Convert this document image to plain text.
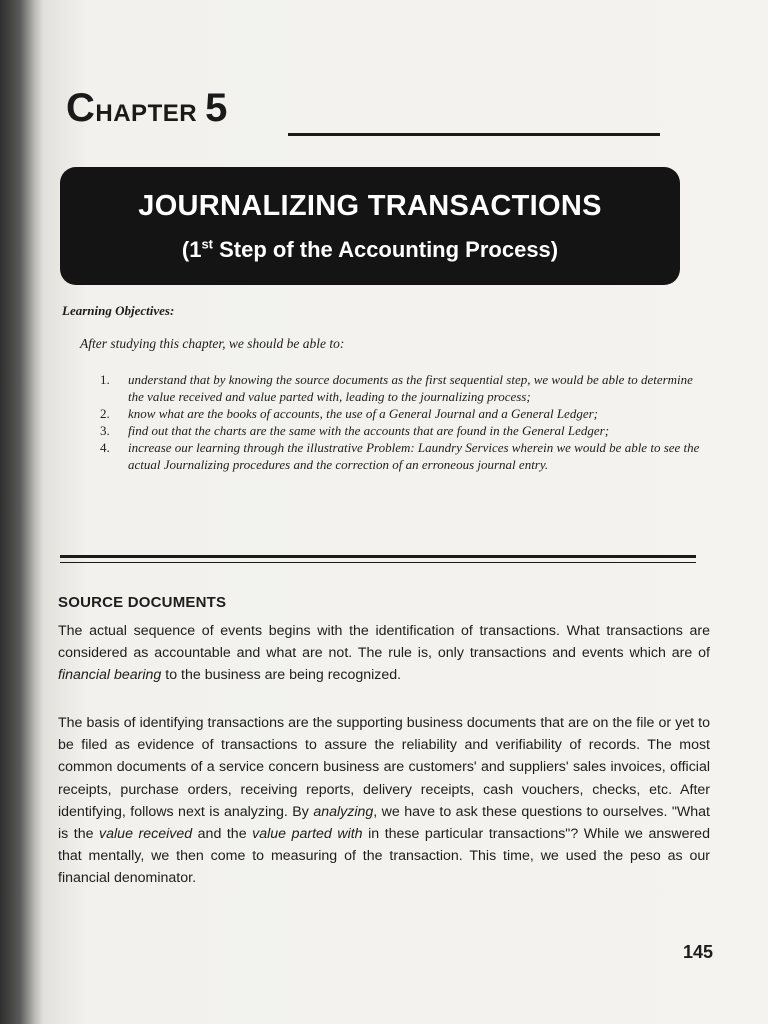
CHAPTER 5
JOURNALIZING TRANSACTIONS
(1st Step of the Accounting Process)
Learning Objectives:
After studying this chapter, we should be able to:
1. understand that by knowing the source documents as the first sequential step, we would be able to determine the value received and value parted with, leading to the journalizing process;
2. know what are the books of accounts, the use of a General Journal and a General Ledger;
3. find out that the charts are the same with the accounts that are found in the General Ledger;
4. increase our learning through the illustrative Problem: Laundry Services wherein we would be able to see the actual Journalizing procedures and the correction of an erroneous journal entry.
SOURCE DOCUMENTS

The actual sequence of events begins with the identification of transactions. What transactions are considered as accountable and what are not. The rule is, only transactions and events which are of financial bearing to the business are being recognized.

The basis of identifying transactions are the supporting business documents that are on the file or yet to be filed as evidence of transactions to assure the reliability and verifiability of records. The most common documents of a service concern business are customers' and suppliers' sales invoices, official receipts, purchase orders, receiving reports, delivery receipts, cash vouchers, checks, etc. After identifying, follows next is analyzing. By analyzing, we have to ask these questions to ourselves. "What is the value received and the value parted with in these particular transactions"? While we answered that mentally, we then come to measuring of the transaction. This time, we used the peso as our financial denominator.

145
